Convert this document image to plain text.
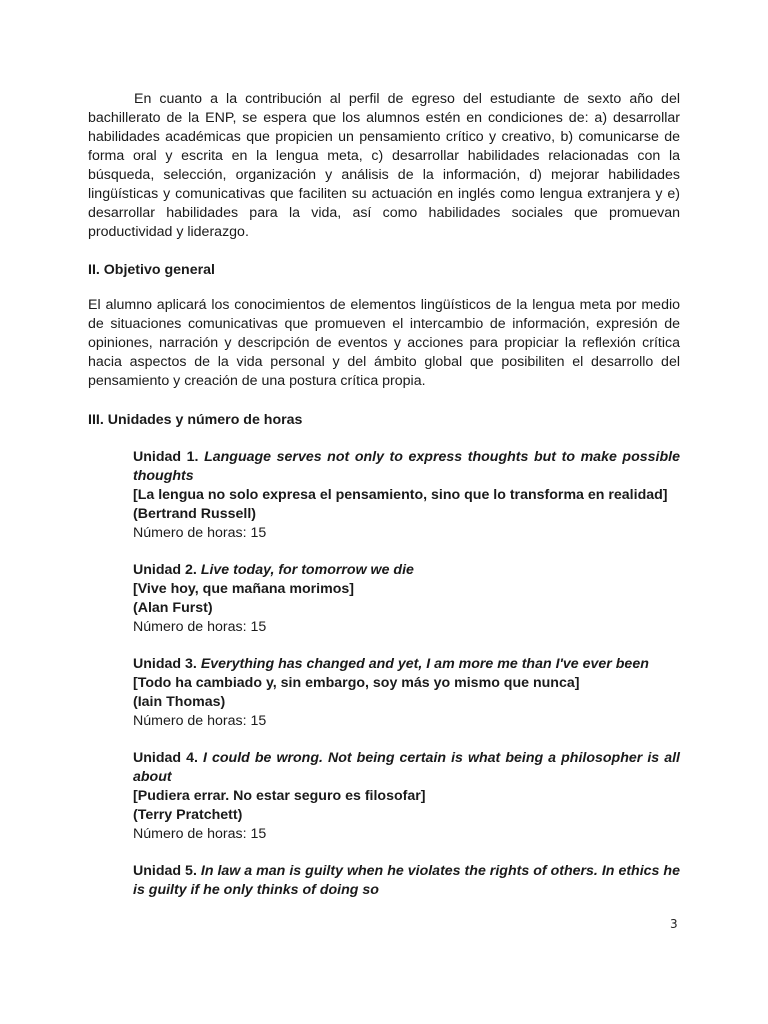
En cuanto a la contribución al perfil de egreso del estudiante de sexto año del bachillerato de la ENP, se espera que los alumnos estén en condiciones de: a) desarrollar habilidades académicas que propicien un pensamiento crítico y creativo, b) comunicarse de forma oral y escrita en la lengua meta, c) desarrollar habilidades relacionadas con la búsqueda, selección, organización y análisis de la información, d) mejorar habilidades lingüísticas y comunicativas que faciliten su actuación en inglés como lengua extranjera y e) desarrollar habilidades para la vida, así como habilidades sociales que promuevan productividad y liderazgo.

II. Objetivo general

El alumno aplicará los conocimientos de elementos lingüísticos de la lengua meta por medio de situaciones comunicativas que promueven el intercambio de información, expresión de opiniones, narración y descripción de eventos y acciones para propiciar la reflexión crítica hacia aspectos de la vida personal y del ámbito global que posibiliten el desarrollo del pensamiento y creación de una postura crítica propia.

III. Unidades y número de horas

Unidad 1. Language serves not only to express thoughts but to make possible thoughts

[La lengua no solo expresa el pensamiento, sino que lo transforma en realidad]

(Bertrand Russell)

Número de horas: 15

Unidad 2. Live today, for tomorrow we die

[Vive hoy, que mañana morimos]

(Alan Furst)

Número de horas: 15

Unidad 3. Everything has changed and yet, I am more me than I've ever been

[Todo ha cambiado y, sin embargo, soy más yo mismo que nunca]

(Iain Thomas)

Número de horas: 15

Unidad 4. I could be wrong. Not being certain is what being a philosopher is all about

[Pudiera errar. No estar seguro es filosofar]

(Terry Pratchett)

Número de horas: 15

Unidad 5. In law a man is guilty when he violates the rights of others. In ethics he is guilty if he only thinks of doing so

3
